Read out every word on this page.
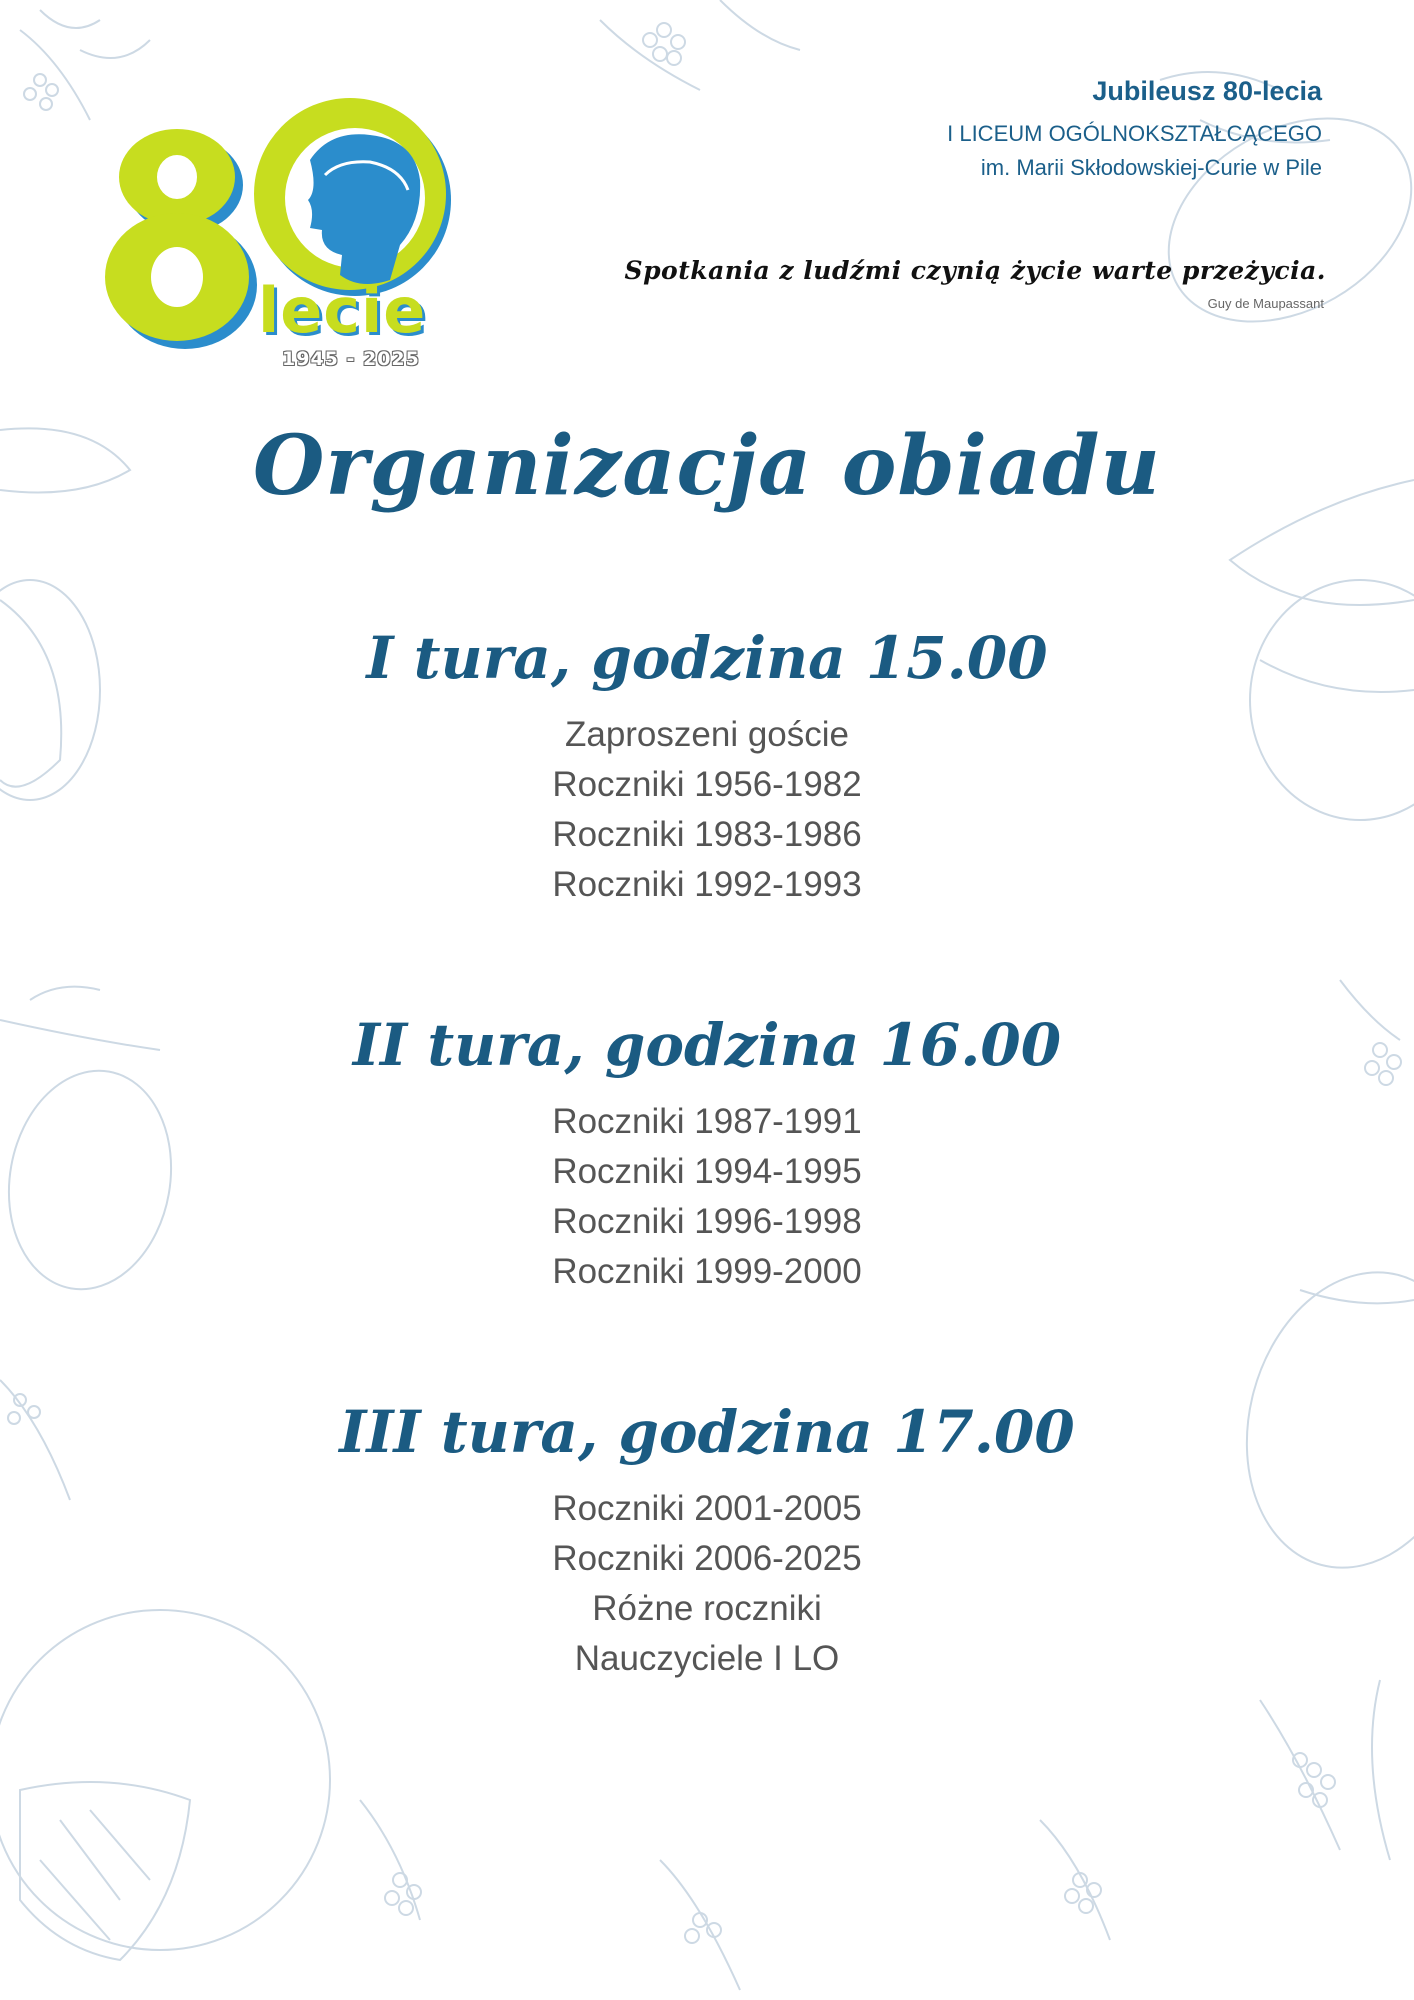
lecie
1945 - 2025
Jubileusz 80-lecia
I LICEUM OGÓLNOKSZTAŁCĄCEGO
im. Marii Skłodowskiej-Curie w Pile
Spotkania z ludźmi czynią życie warte przeżycia.
Guy de Maupassant
Organizacja obiadu
I tura, godzina 15.00
Zaproszeni goście
Roczniki 1956-1982
Roczniki 1983-1986
Roczniki 1992-1993
II tura, godzina 16.00
Roczniki 1987-1991
Roczniki 1994-1995
Roczniki 1996-1998
Roczniki 1999-2000
III tura, godzina 17.00
Roczniki 2001-2005
Roczniki 2006-2025
Różne roczniki
Nauczyciele I LO
